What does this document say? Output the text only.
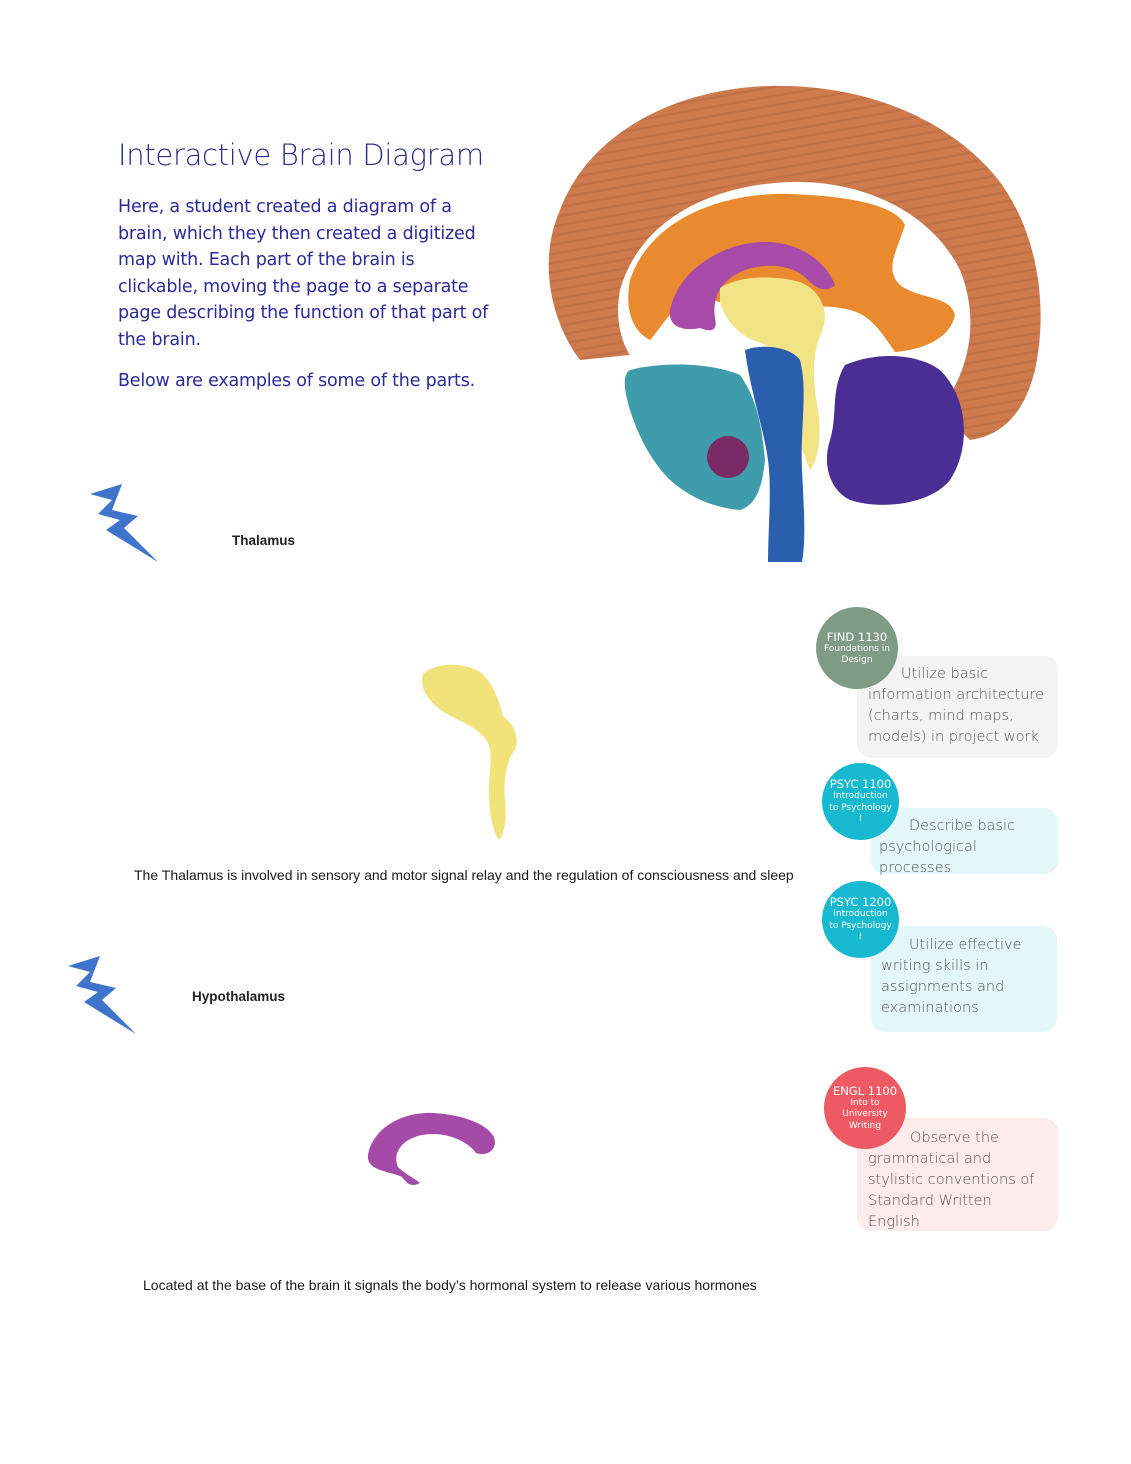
Interactive Brain Diagram

Here, a student created a diagram of a brain, which they then created a digitized map with. Each part of the brain is clickable, moving the page to a separate page describing the function of that part of the brain.

Below are examples of some of the parts.

Thalamus
The Thalamus is involved in sensory and motor signal relay and the regulation of consciousness and sleep
Hypothalamus
Located at the base of the brain it signals the body’s hormonal system to release various hormones
Utilize basic information architecture (charts, mind maps, models) in project work
FIND 1130
Foundations in Design
Describe basic psychological processes
PSYC 1100
Introduction to Psychology I
Utilize effective writing skills in assignments and examinations
PSYC 1200
Introduction to Psychology I
Observe the grammatical and stylistic conventions of Standard Written English
ENGL 1100
Into to University Writing
